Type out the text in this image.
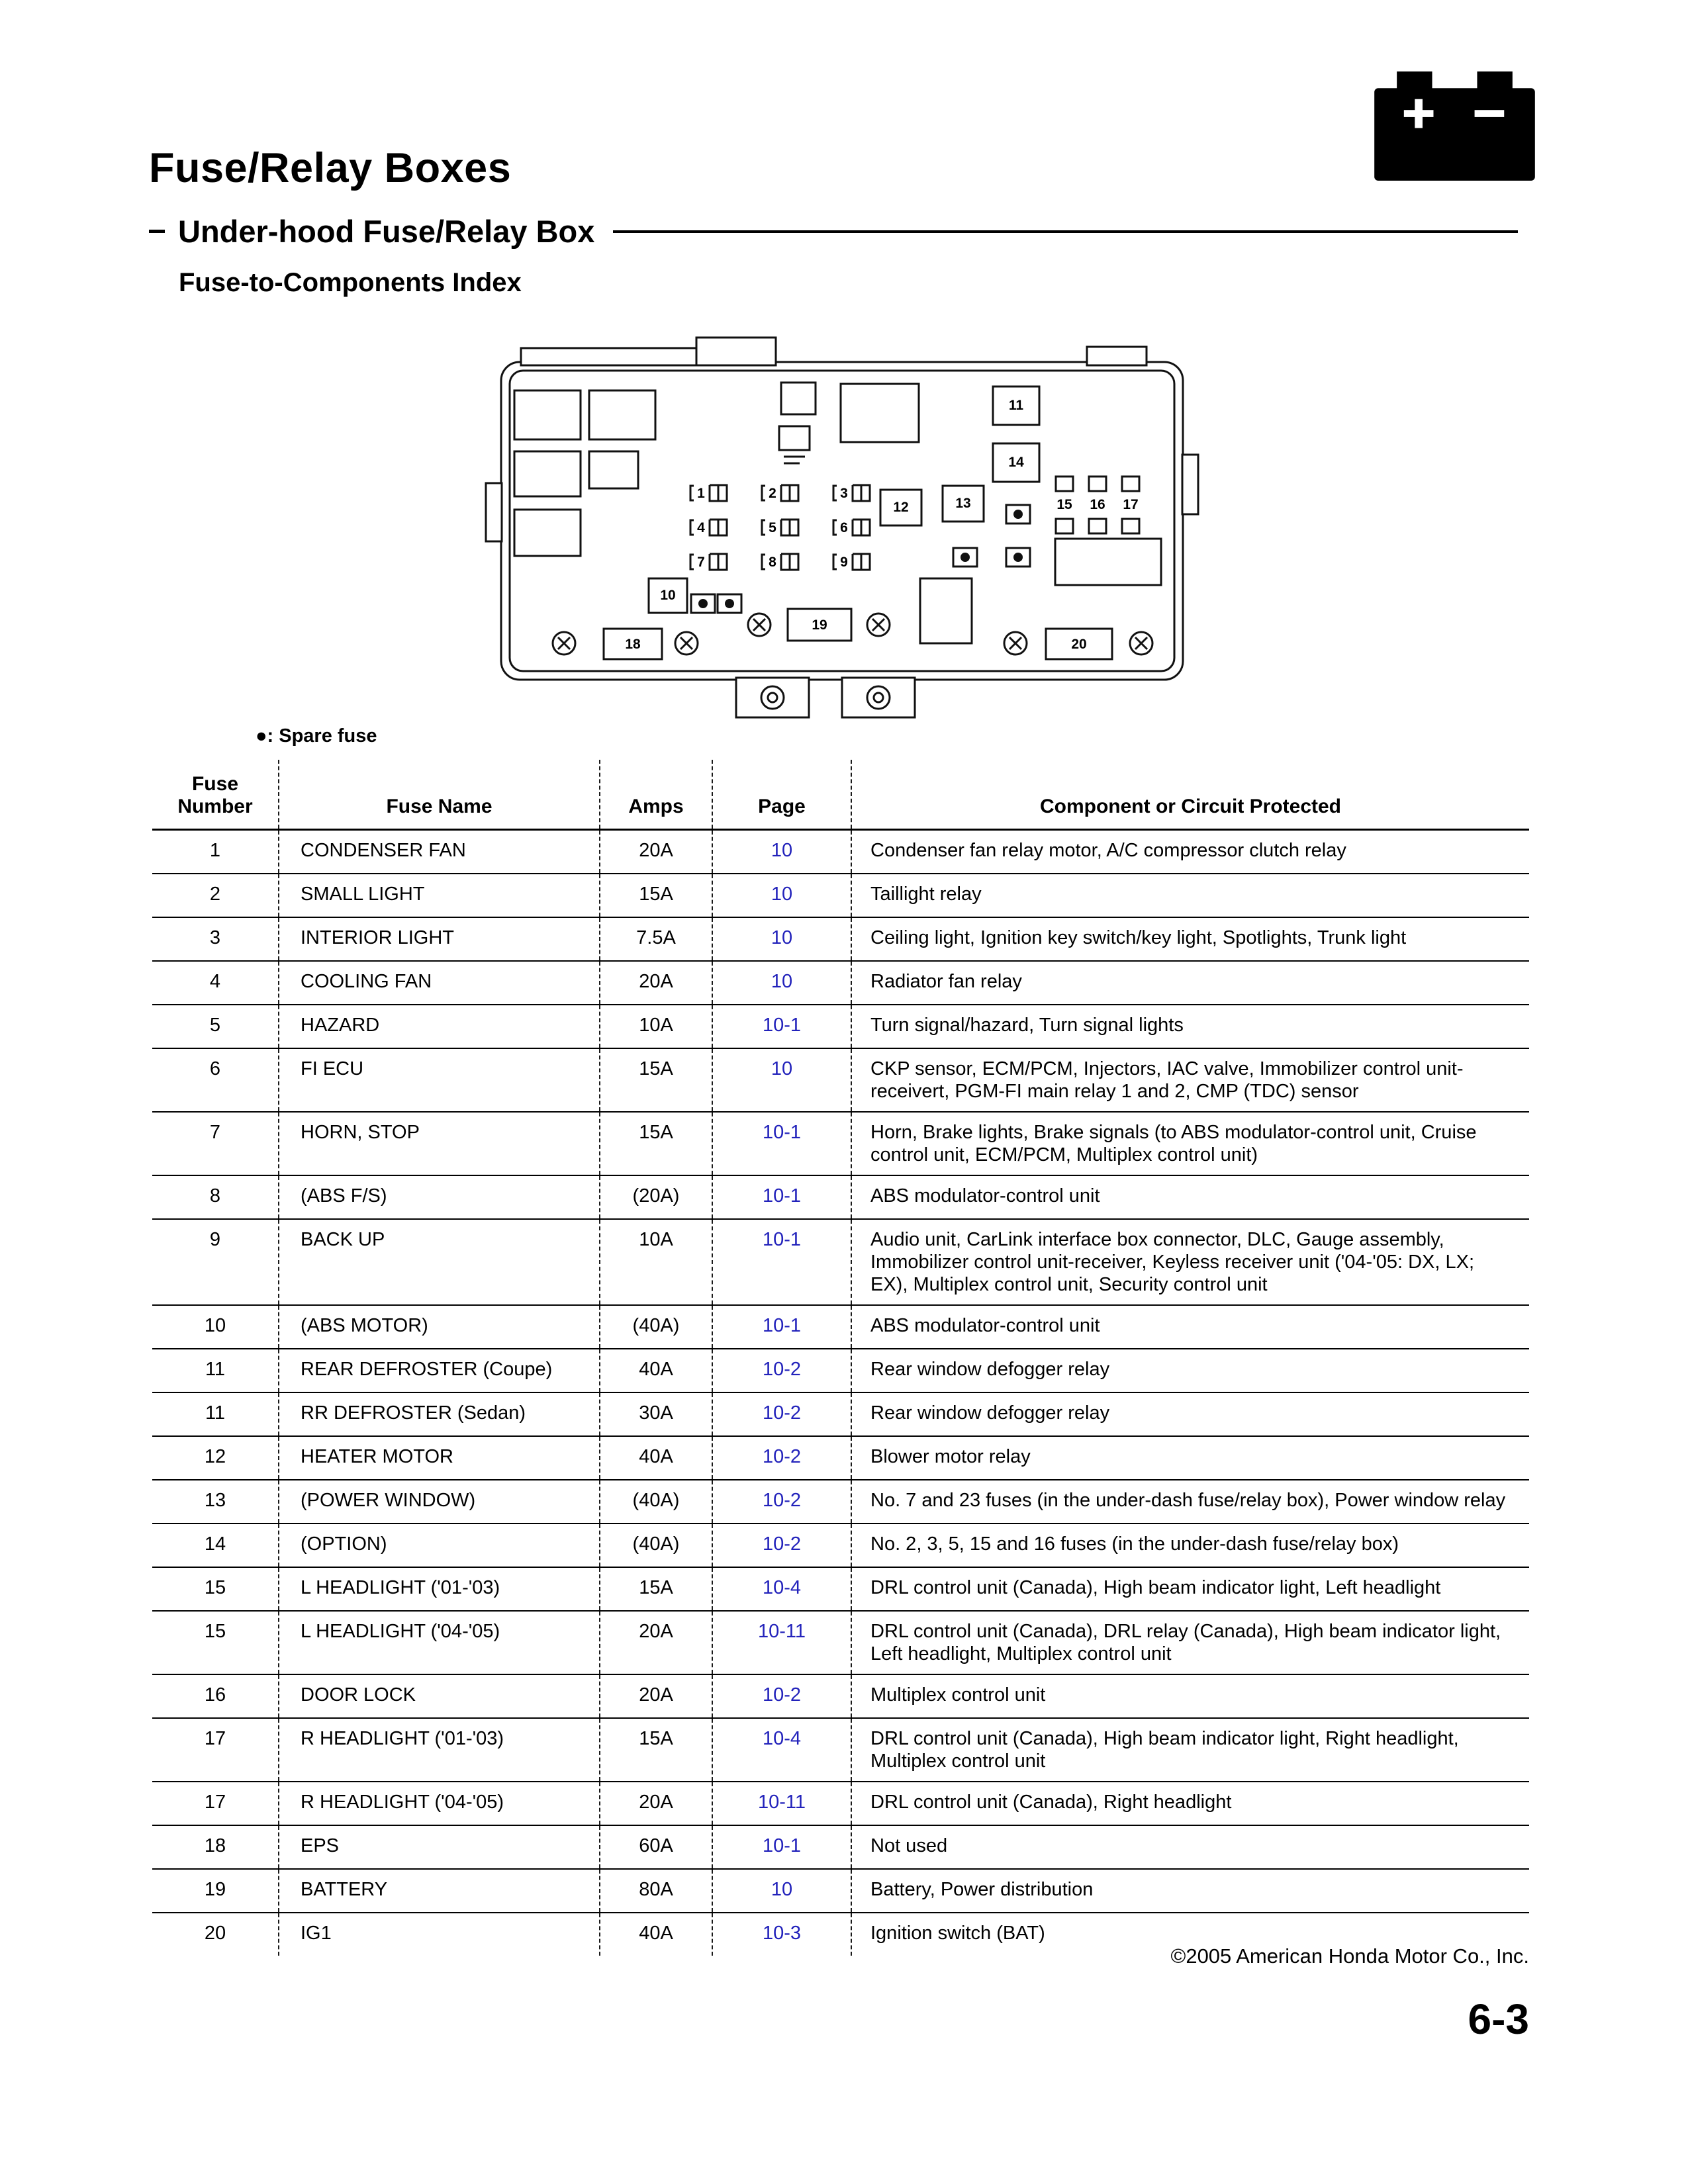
Fuse/Relay Boxes
Under-hood Fuse/Relay Box
Fuse-to-Components Index
1	2	3
4	5	6
7	8	9
10
11
12	13
14
15 16 17
18
19
20
●: Spare fuse
Fuse
Number	Fuse Name	Amps	Page	Component or Circuit Protected
1	CONDENSER FAN	20A	10	Condenser fan relay motor, A/C compressor clutch relay
2	SMALL LIGHT	15A	10	Taillight relay
3	INTERIOR LIGHT	7.5A	10	Ceiling light, Ignition key switch/key light, Spotlights, Trunk light
4	COOLING FAN	20A	10	Radiator fan relay
5	HAZARD	10A	10-1	Turn signal/hazard, Turn signal lights
6	FI ECU	15A	10	CKP sensor, ECM/PCM, Injectors, IAC valve, Immobilizer control unit-receivert, PGM-FI main relay 1 and 2, CMP (TDC) sensor
7	HORN, STOP	15A	10-1	Horn, Brake lights, Brake signals (to ABS modulator-control unit, Cruise control unit, ECM/PCM, Multiplex control unit)
8	(ABS F/S)	(20A)	10-1	ABS modulator-control unit
9	BACK UP	10A	10-1	Audio unit, CarLink interface box connector, DLC, Gauge assembly, Immobilizer control unit-receiver, Keyless receiver unit ('04-'05: DX, LX; EX), Multiplex control unit, Security control unit
10	(ABS MOTOR)	(40A)	10-1	ABS modulator-control unit
11	REAR DEFROSTER (Coupe)	40A	10-2	Rear window defogger relay
11	RR DEFROSTER (Sedan)	30A	10-2	Rear window defogger relay
12	HEATER MOTOR	40A	10-2	Blower motor relay
13	(POWER WINDOW)	(40A)	10-2	No. 7 and 23 fuses (in the under-dash fuse/relay box), Power window relay
14	(OPTION)	(40A)	10-2	No. 2, 3, 5, 15 and 16 fuses (in the under-dash fuse/relay box)
15	L HEADLIGHT ('01-'03)	15A	10-4	DRL control unit (Canada), High beam indicator light, Left headlight
15	L HEADLIGHT ('04-'05)	20A	10-11	DRL control unit (Canada), DRL relay (Canada), High beam indicator light, Left headlight, Multiplex control unit
16	DOOR LOCK	20A	10-2	Multiplex control unit
17	R HEADLIGHT ('01-'03)	15A	10-4	DRL control unit (Canada), High beam indicator light, Right headlight, Multiplex control unit
17	R HEADLIGHT ('04-'05)	20A	10-11	DRL control unit (Canada), Right headlight
18	EPS	60A	10-1	Not used
19	BATTERY	80A	10	Battery, Power distribution
20	IG1	40A	10-3	Ignition switch (BAT)
©2005 American Honda Motor Co., Inc.
6-3
